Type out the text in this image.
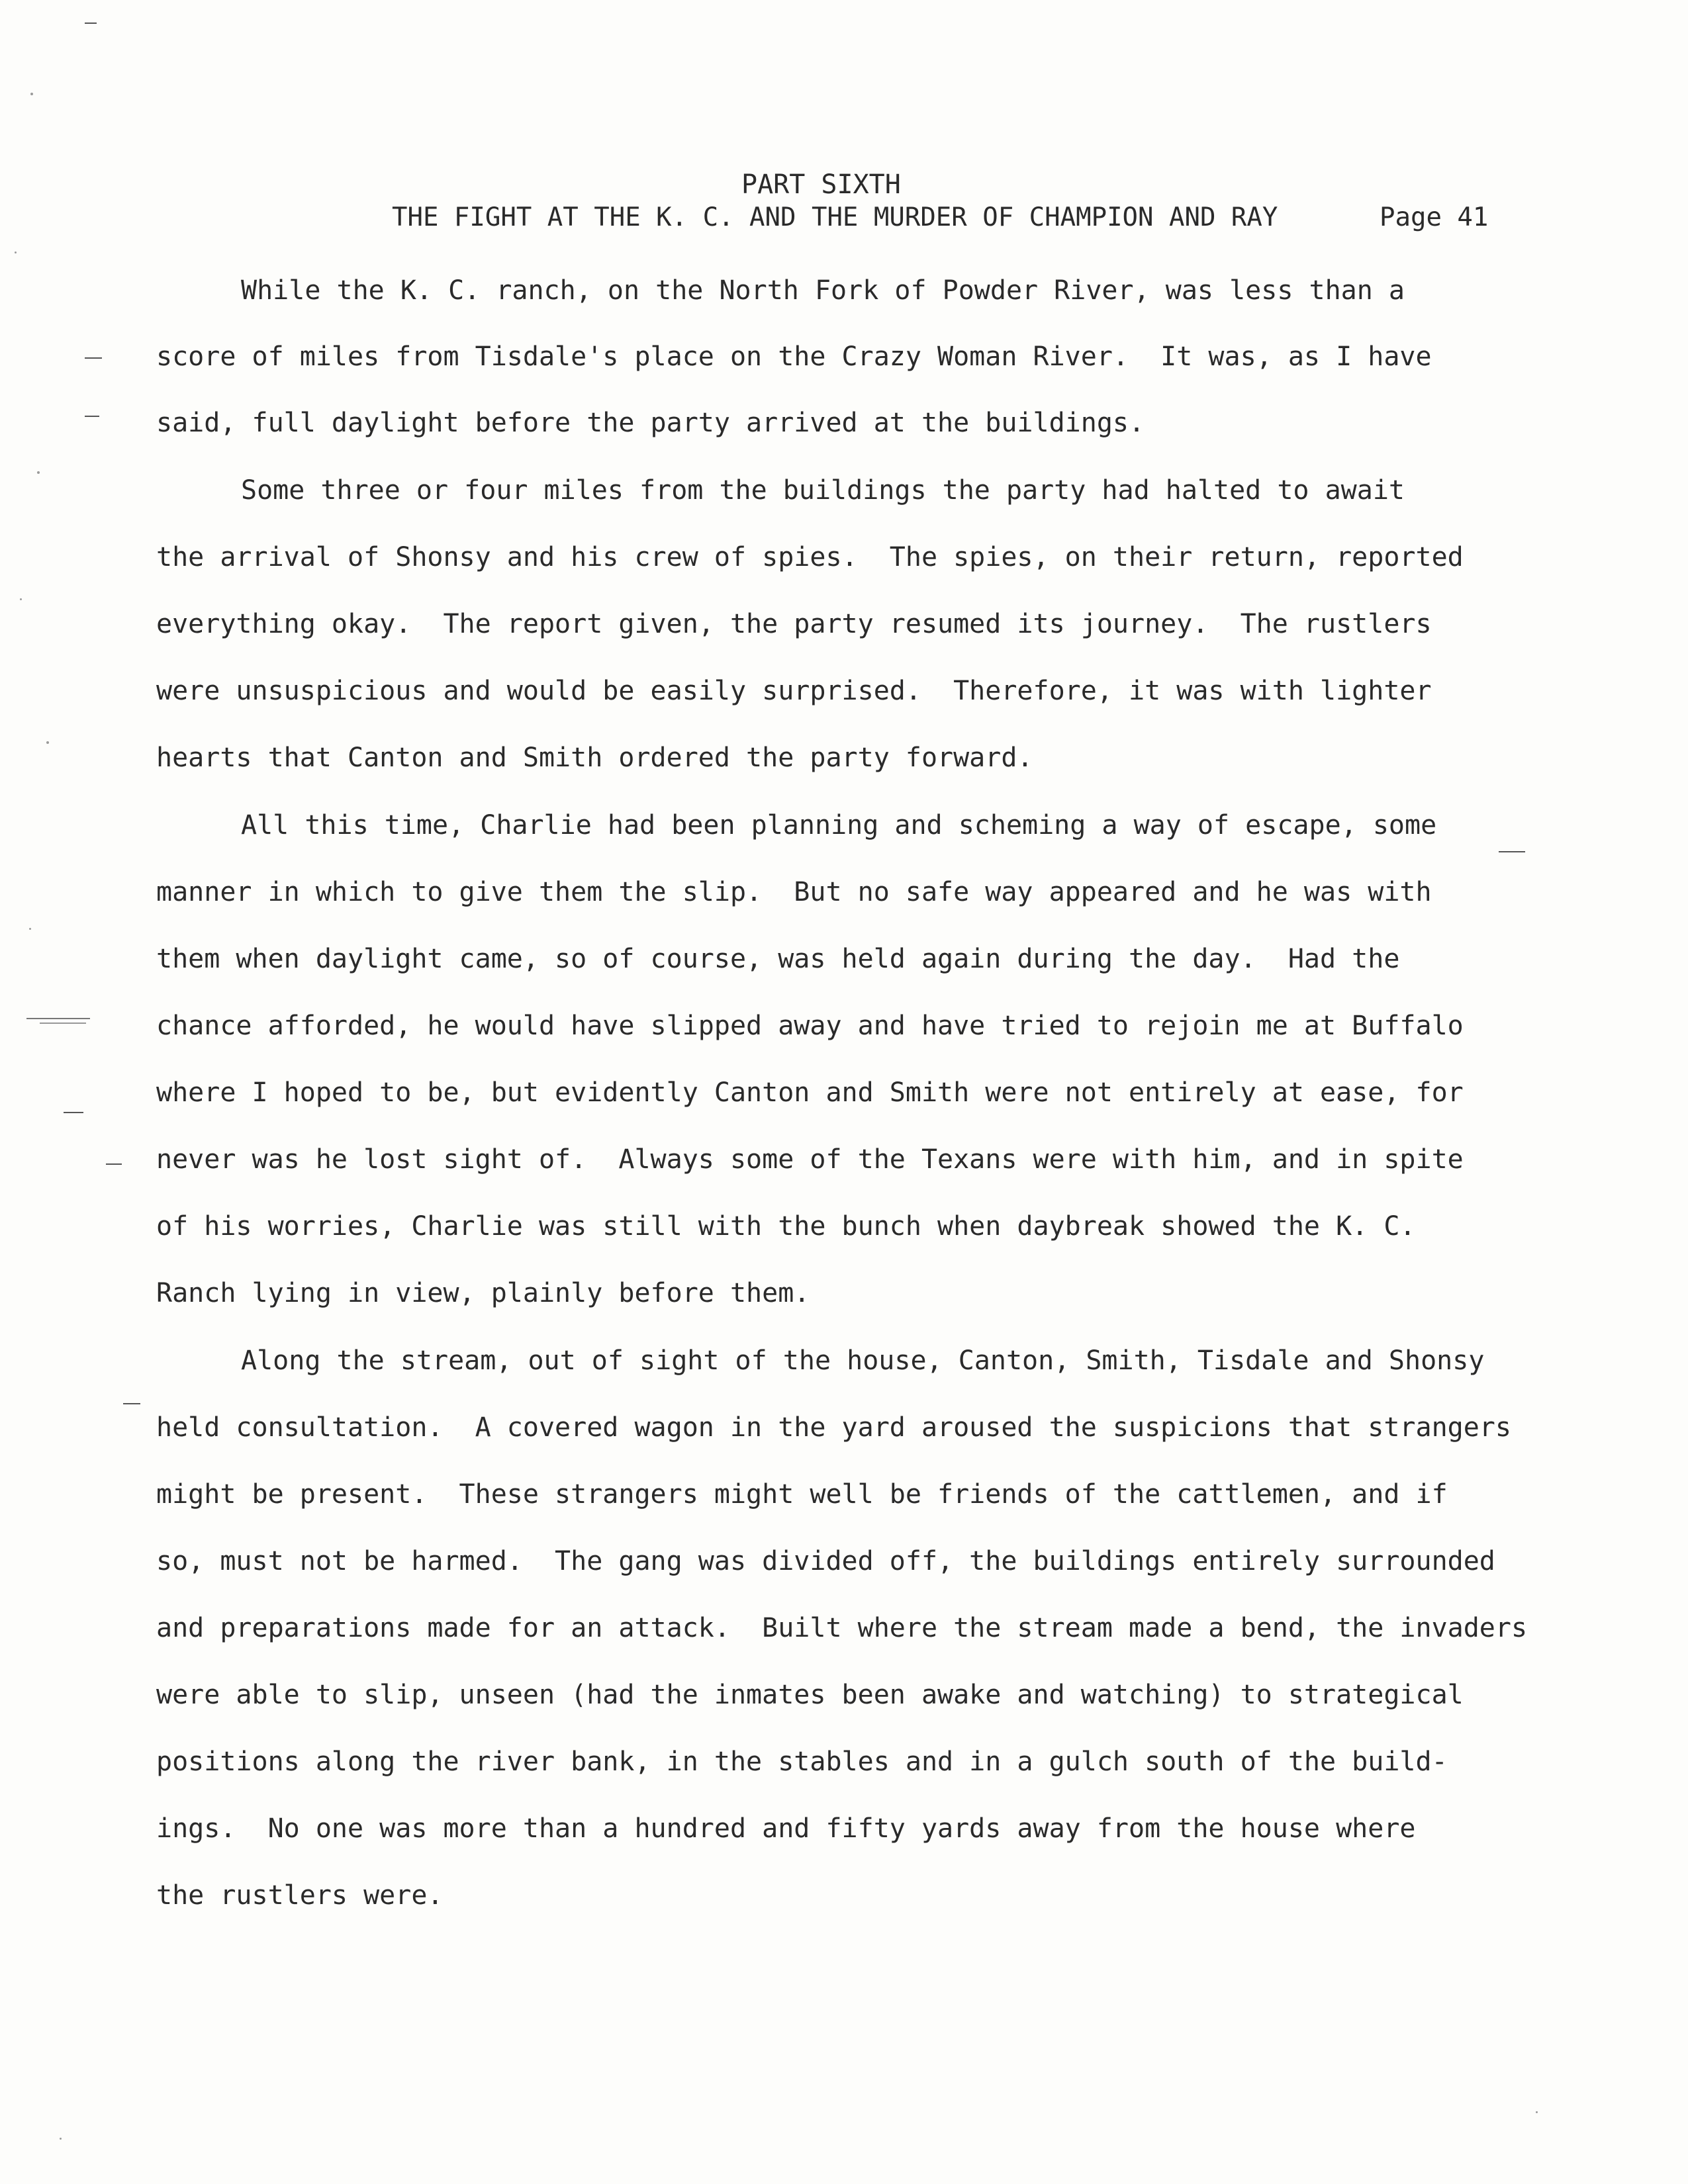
PART SIXTH
THE FIGHT AT THE K. C. AND THE MURDER OF CHAMPION AND RAY	Page 41
While the K. C. ranch, on the North Fork of Powder River, was less than a
score of miles from Tisdale's place on the Crazy Woman River.  It was, as I have
said, full daylight before the party arrived at the buildings.
Some three or four miles from the buildings the party had halted to await
the arrival of Shonsy and his crew of spies.  The spies, on their return, reported
everything okay.  The report given, the party resumed its journey.  The rustlers
were unsuspicious and would be easily surprised.  Therefore, it was with lighter
hearts that Canton and Smith ordered the party forward.
All this time, Charlie had been planning and scheming a way of escape, some
manner in which to give them the slip.  But no safe way appeared and he was with
them when daylight came, so of course, was held again during the day.  Had the
chance afforded, he would have slipped away and have tried to rejoin me at Buffalo
where I hoped to be, but evidently Canton and Smith were not entirely at ease, for
never was he lost sight of.  Always some of the Texans were with him, and in spite
of his worries, Charlie was still with the bunch when daybreak showed the K. C.
Ranch lying in view, plainly before them.
Along the stream, out of sight of the house, Canton, Smith, Tisdale and Shonsy
held consultation.  A covered wagon in the yard aroused the suspicions that strangers
might be present.  These strangers might well be friends of the cattlemen, and if
so, must not be harmed.  The gang was divided off, the buildings entirely surrounded
and preparations made for an attack.  Built where the stream made a bend, the invaders
were able to slip, unseen (had the inmates been awake and watching) to strategical
positions along the river bank, in the stables and in a gulch south of the build-
ings.  No one was more than a hundred and fifty yards away from the house where
the rustlers were.
